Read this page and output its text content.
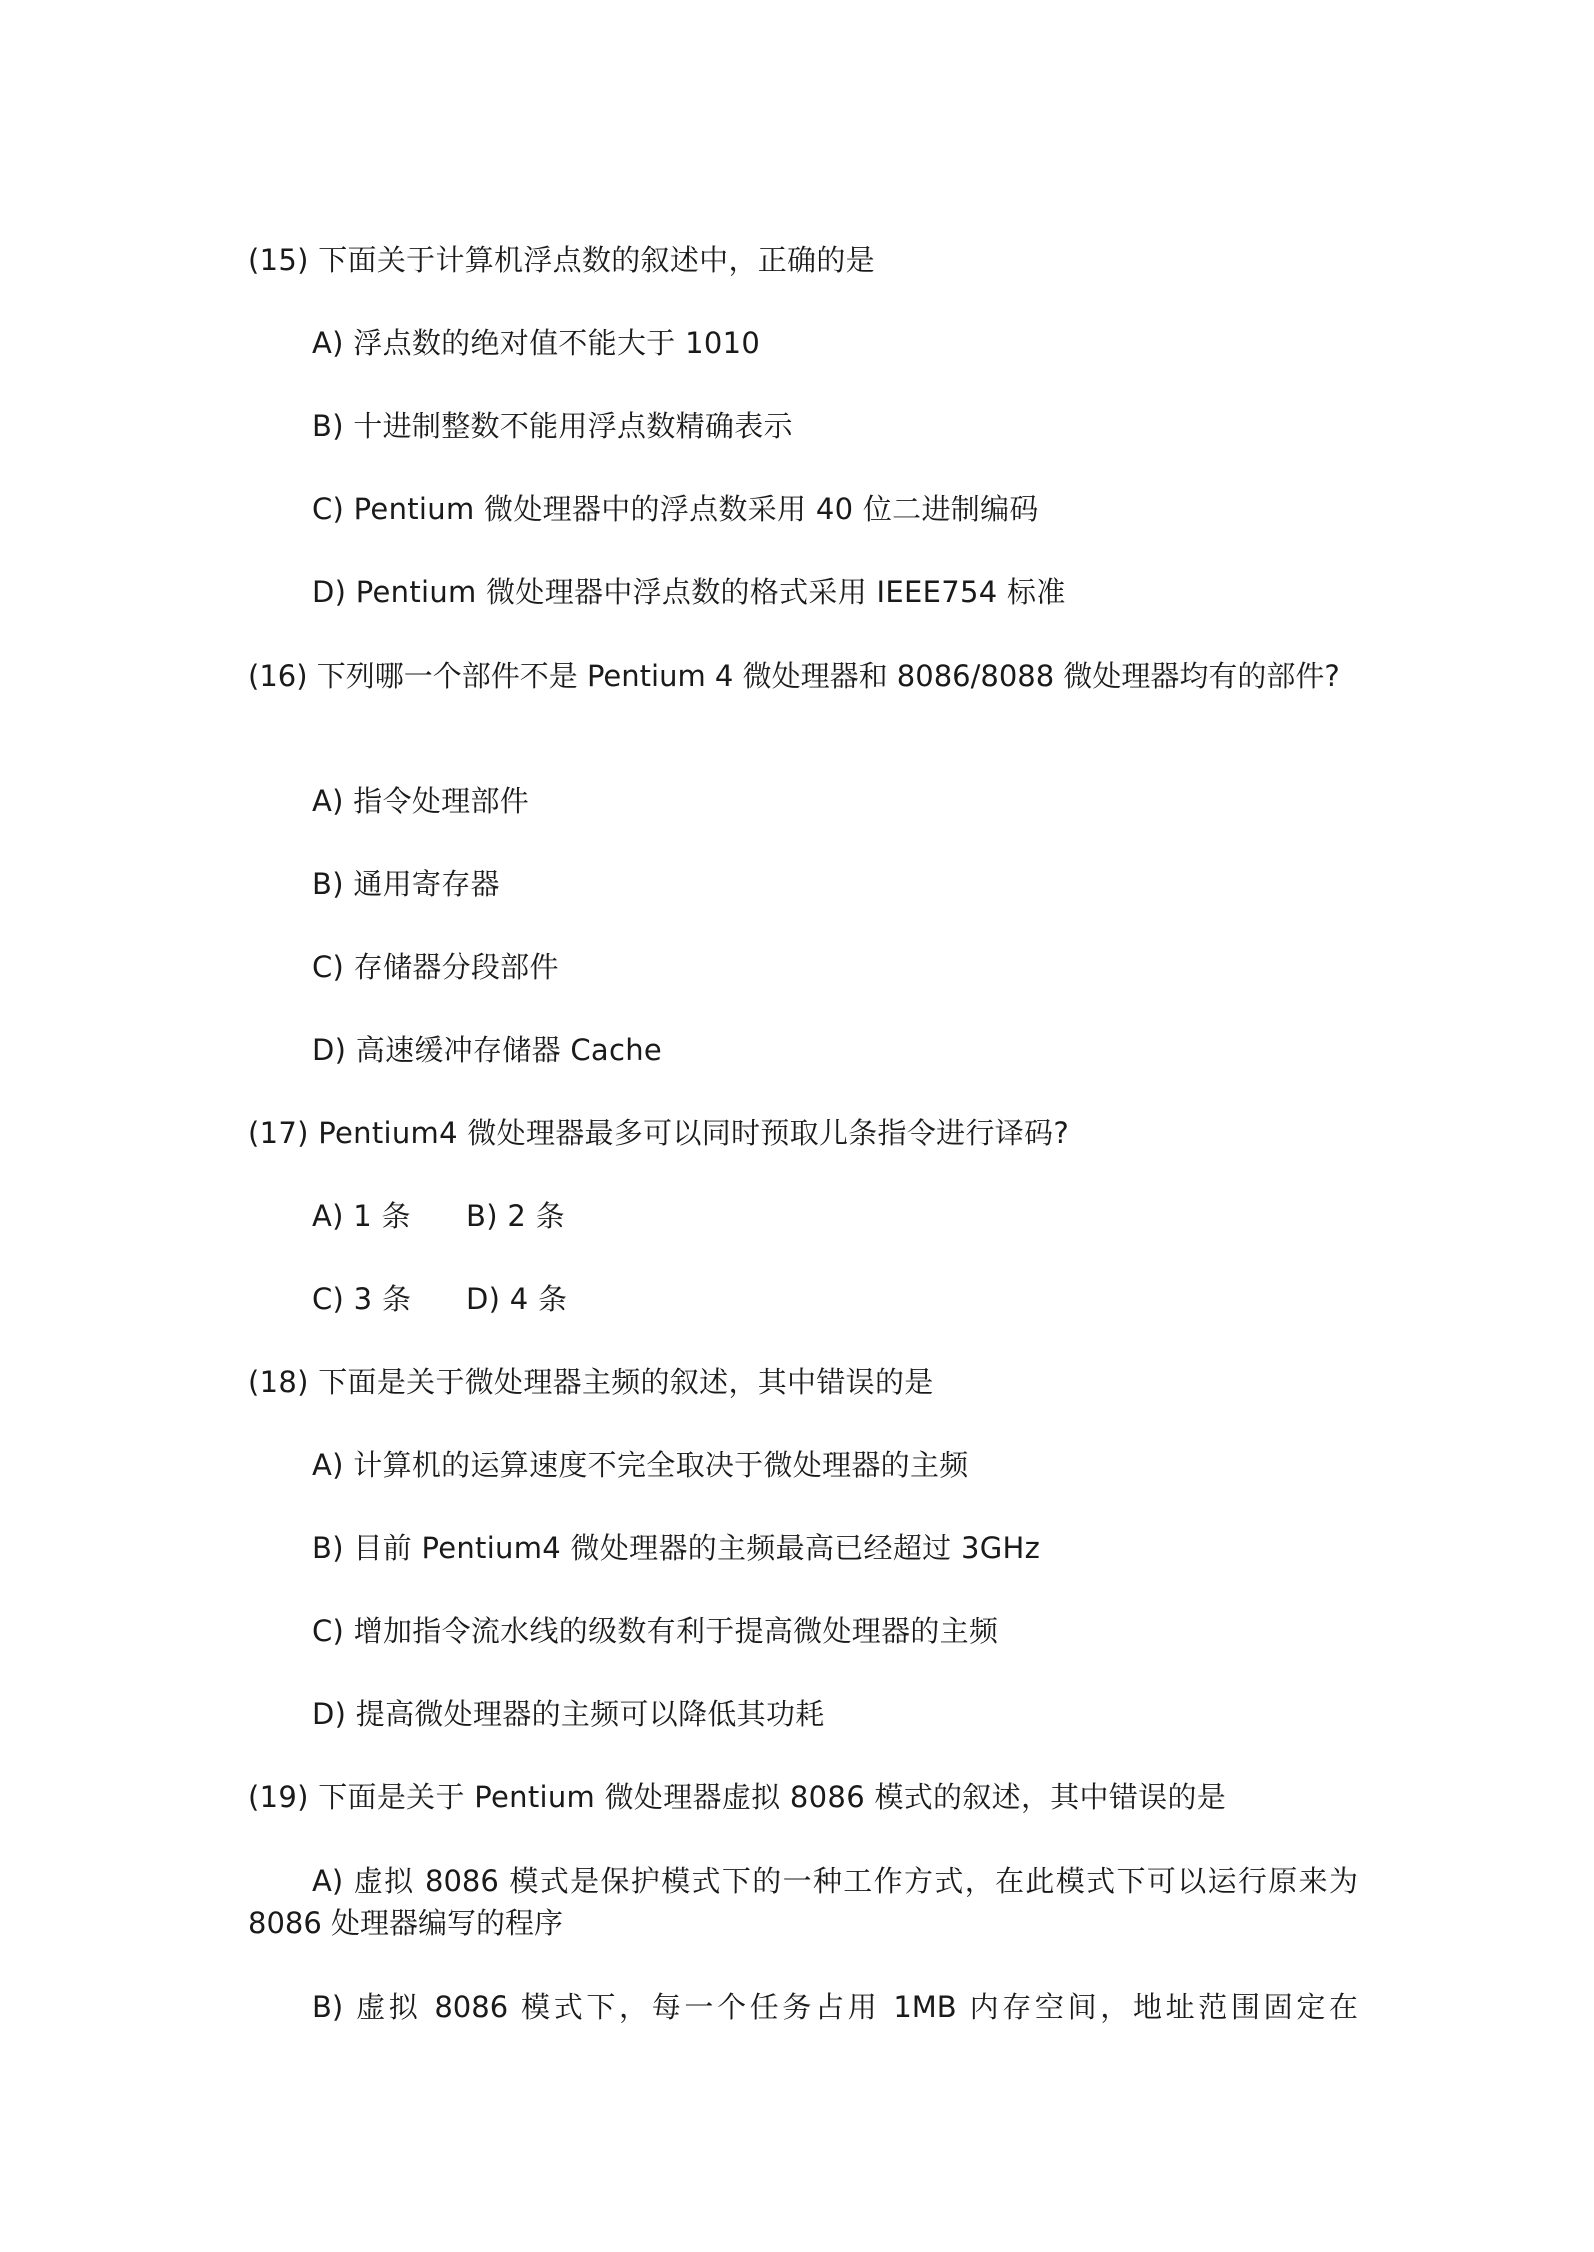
(15) 下面关于计算机浮点数的叙述中，正确的是
A) 浮点数的绝对值不能大于 1010
B) 十进制整数不能用浮点数精确表示
C) Pentium 微处理器中的浮点数采用 40 位二进制编码
D) Pentium 微处理器中浮点数的格式采用 IEEE754 标准
(16) 下列哪一个部件不是 Pentium 4 微处理器和 8086/8088 微处理器均有的部件?
A) 指令处理部件
B) 通用寄存器
C) 存储器分段部件
D) 高速缓冲存储器 Cache
(17) Pentium4 微处理器最多可以同时预取儿条指令进行译码?
A) 1 条 B) 2 条
C) 3 条 D) 4 条
(18) 下面是关于微处理器主频的叙述，其中错误的是
A) 计算机的运算速度不完全取决于微处理器的主频
B) 目前 Pentium4 微处理器的主频最高已经超过 3GHz
C) 增加指令流水线的级数有利于提高微处理器的主频
D) 提高微处理器的主频可以降低其功耗
(19) 下面是关于 Pentium 微处理器虚拟 8086 模式的叙述，其中错误的是
A) 虚拟 8086 模式是保护模式下的一种工作方式，在此模式下可以运行原来为 8086 处理器编写的程序
B) 虚拟 8086 模式下，每一个任务占用 1MB 内存空间，地址范围固定在
